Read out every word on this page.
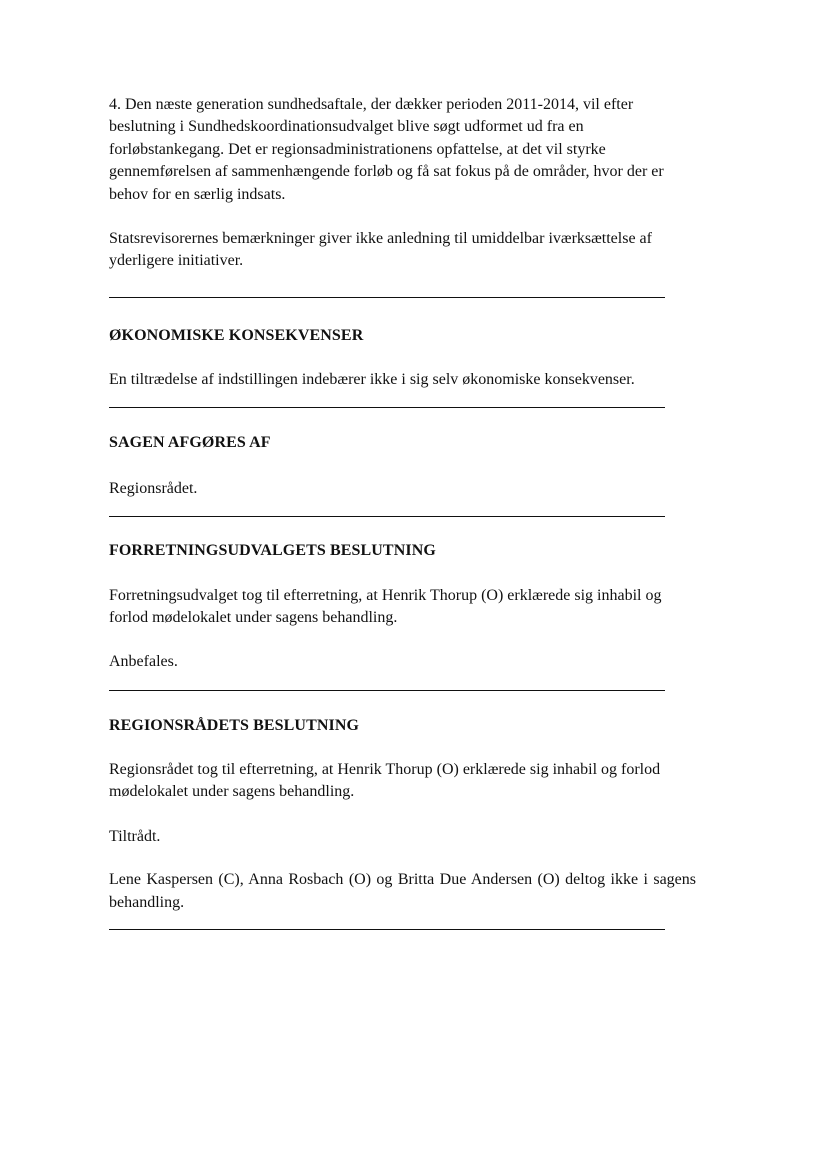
4. Den næste generation sundhedsaftale, der dækker perioden 2011-2014, vil efter beslutning i Sundhedskoordinationsudvalget blive søgt udformet ud fra en forløbstankegang. Det er regionsadministrationens opfattelse, at det vil styrke gennemførelsen af sammenhængende forløb og få sat fokus på de områder, hvor der er behov for en særlig indsats.

Statsrevisorernes bemærkninger giver ikke anledning til umiddelbar iværksættelse af yderligere initiativer.

ØKONOMISKE KONSEKVENSER

En tiltrædelse af indstillingen indebærer ikke i sig selv økonomiske konsekvenser.

SAGEN AFGØRES AF

Regionsrådet.

FORRETNINGSUDVALGETS BESLUTNING

Forretningsudvalget tog til efterretning, at Henrik Thorup (O) erklærede sig inhabil og forlod mødelokalet under sagens behandling.

Anbefales.

REGIONSRÅDETS BESLUTNING

Regionsrådet tog til efterretning, at Henrik Thorup (O) erklærede sig inhabil og forlod mødelokalet under sagens behandling.

Tiltrådt.

Lene Kaspersen (C), Anna Rosbach (O) og Britta Due Andersen (O) deltog ikke i sagens behandling.
